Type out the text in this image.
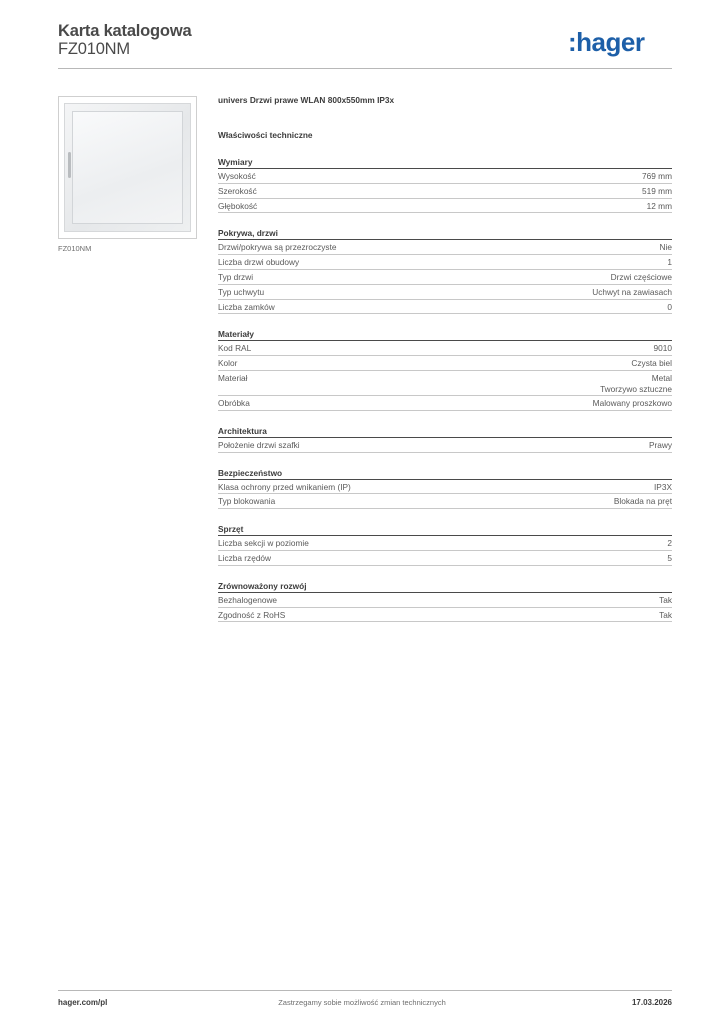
Karta katalogowa
FZ010NM	:hager
FZ010NM
univers Drzwi prawe WLAN 800x550mm IP3x
Właściwości techniczne
Wymiary
Wysokość	769 mm
Szerokość	519 mm
Głębokość	12 mm
Pokrywa, drzwi
Drzwi/pokrywa są przezroczyste	Nie
Liczba drzwi obudowy	1
Typ drzwi	Drzwi częściowe
Typ uchwytu	Uchwyt na zawiasach
Liczba zamków	0
Materiały
Kod RAL	9010
Kolor	Czysta biel
Materiał	Metal
Tworzywo sztuczne
Obróbka	Malowany proszkowo
Architektura
Położenie drzwi szafki	Prawy
Bezpieczeństwo
Klasa ochrony przed wnikaniem (IP)	IP3X
Typ blokowania	Blokada na pręt
Sprzęt
Liczba sekcji w poziomie	2
Liczba rzędów	5
Zrównoważony rozwój
Bezhalogenowe	Tak
Zgodność z RoHS	Tak
hager.com/pl	Zastrzegamy sobie możliwość zmian technicznych	17.03.2026
